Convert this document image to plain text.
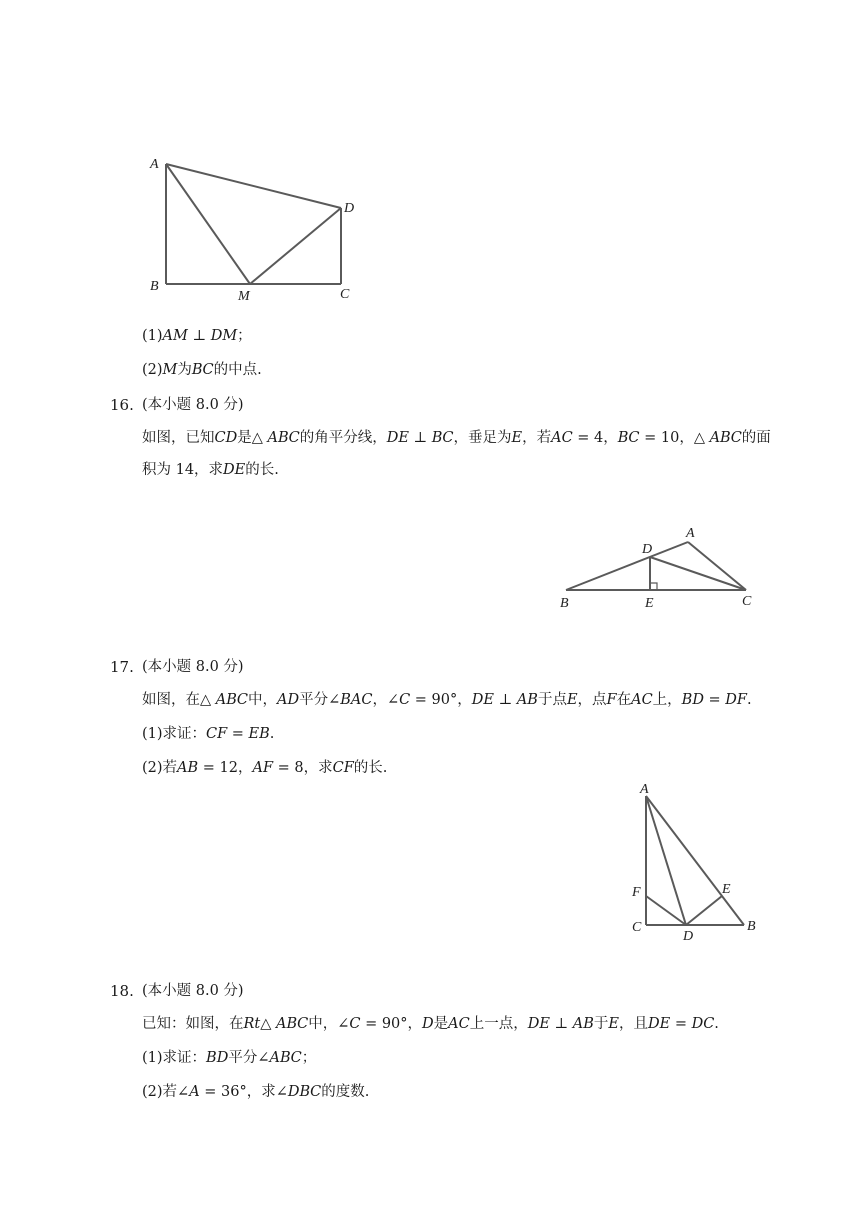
A
D
B
M	C
(1)𝐴𝑀 ⊥ 𝐷𝑀；
(2)𝑀为𝐵𝐶的中点.
16. (本小题 8.0 分)
如图，已知𝐶𝐷是△ 𝐴𝐵𝐶的角平分线，𝐷𝐸 ⊥ 𝐵𝐶，垂足为𝐸，若𝐴𝐶 = 4，𝐵𝐶 = 10，△ 𝐴𝐵𝐶的面
积为 14，求𝐷𝐸的长.
A
D
B	E	C
17. (本小题 8.0 分)
如图，在△ 𝐴𝐵𝐶中，𝐴𝐷平分∠𝐵𝐴𝐶，∠𝐶 = 90°，𝐷𝐸 ⊥ 𝐴𝐵于点𝐸，点𝐹在𝐴𝐶上，𝐵𝐷 = 𝐷𝐹.
(1)求证：𝐶𝐹 = 𝐸𝐵.
(2)若𝐴𝐵 = 12，𝐴𝐹 = 8，求𝐶𝐹的长.
A
F	E
C
D
B
18. (本小题 8.0 分)
已知：如图，在𝑅𝑡△ 𝐴𝐵𝐶中，∠𝐶 = 90°，𝐷是𝐴𝐶上一点，𝐷𝐸 ⊥ 𝐴𝐵于𝐸，且𝐷𝐸 = 𝐷𝐶.
(1)求证：𝐵𝐷平分∠𝐴𝐵𝐶；
(2)若∠𝐴 = 36°，求∠𝐷𝐵𝐶的度数.
